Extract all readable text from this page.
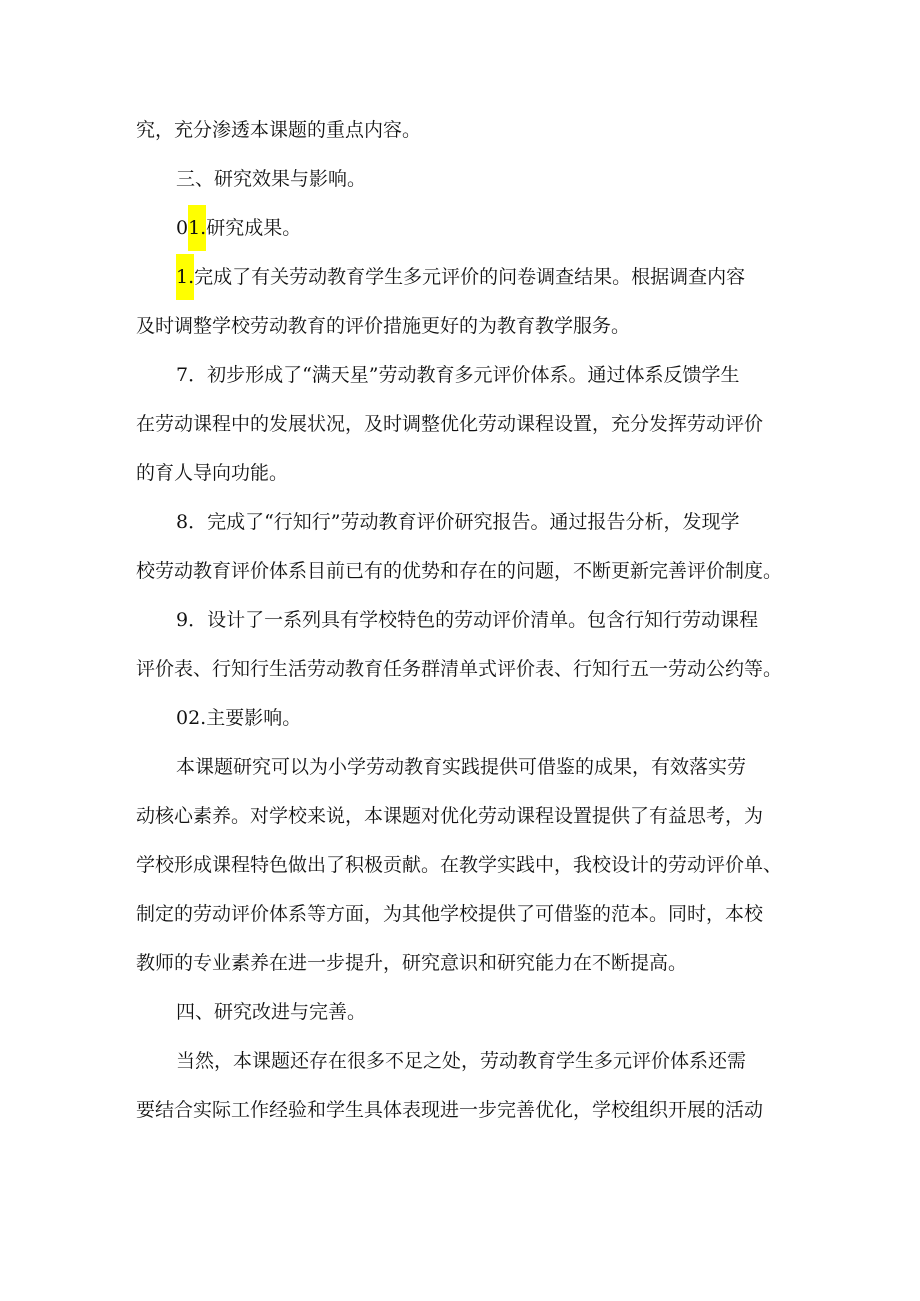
究，充分渗透本课题的重点内容。
三、研究效果与影响。
01.研究成果。
1.完成了有关劳动教育学生多元评价的问卷调查结果。根据调查内容
及时调整学校劳动教育的评价措施更好的为教育教学服务。
7．初步形成了“满天星”劳动教育多元评价体系。通过体系反馈学生
在劳动课程中的发展状况，及时调整优化劳动课程设置，充分发挥劳动评价
的育人导向功能。
8．完成了“行知行”劳动教育评价研究报告。通过报告分析，发现学
校劳动教育评价体系目前已有的优势和存在的问题，不断更新完善评价制度。
9．设计了一系列具有学校特色的劳动评价清单。包含行知行劳动课程
评价表、行知行生活劳动教育任务群清单式评价表、行知行五一劳动公约等。
02.主要影响。
本课题研究可以为小学劳动教育实践提供可借鉴的成果，有效落实劳
动核心素养。对学校来说，本课题对优化劳动课程设置提供了有益思考，为
学校形成课程特色做出了积极贡献。在教学实践中，我校设计的劳动评价单、
制定的劳动评价体系等方面，为其他学校提供了可借鉴的范本。同时，本校
教师的专业素养在进一步提升，研究意识和研究能力在不断提高。
四、研究改进与完善。
当然，本课题还存在很多不足之处，劳动教育学生多元评价体系还需
要结合实际工作经验和学生具体表现进一步完善优化，学校组织开展的活动
